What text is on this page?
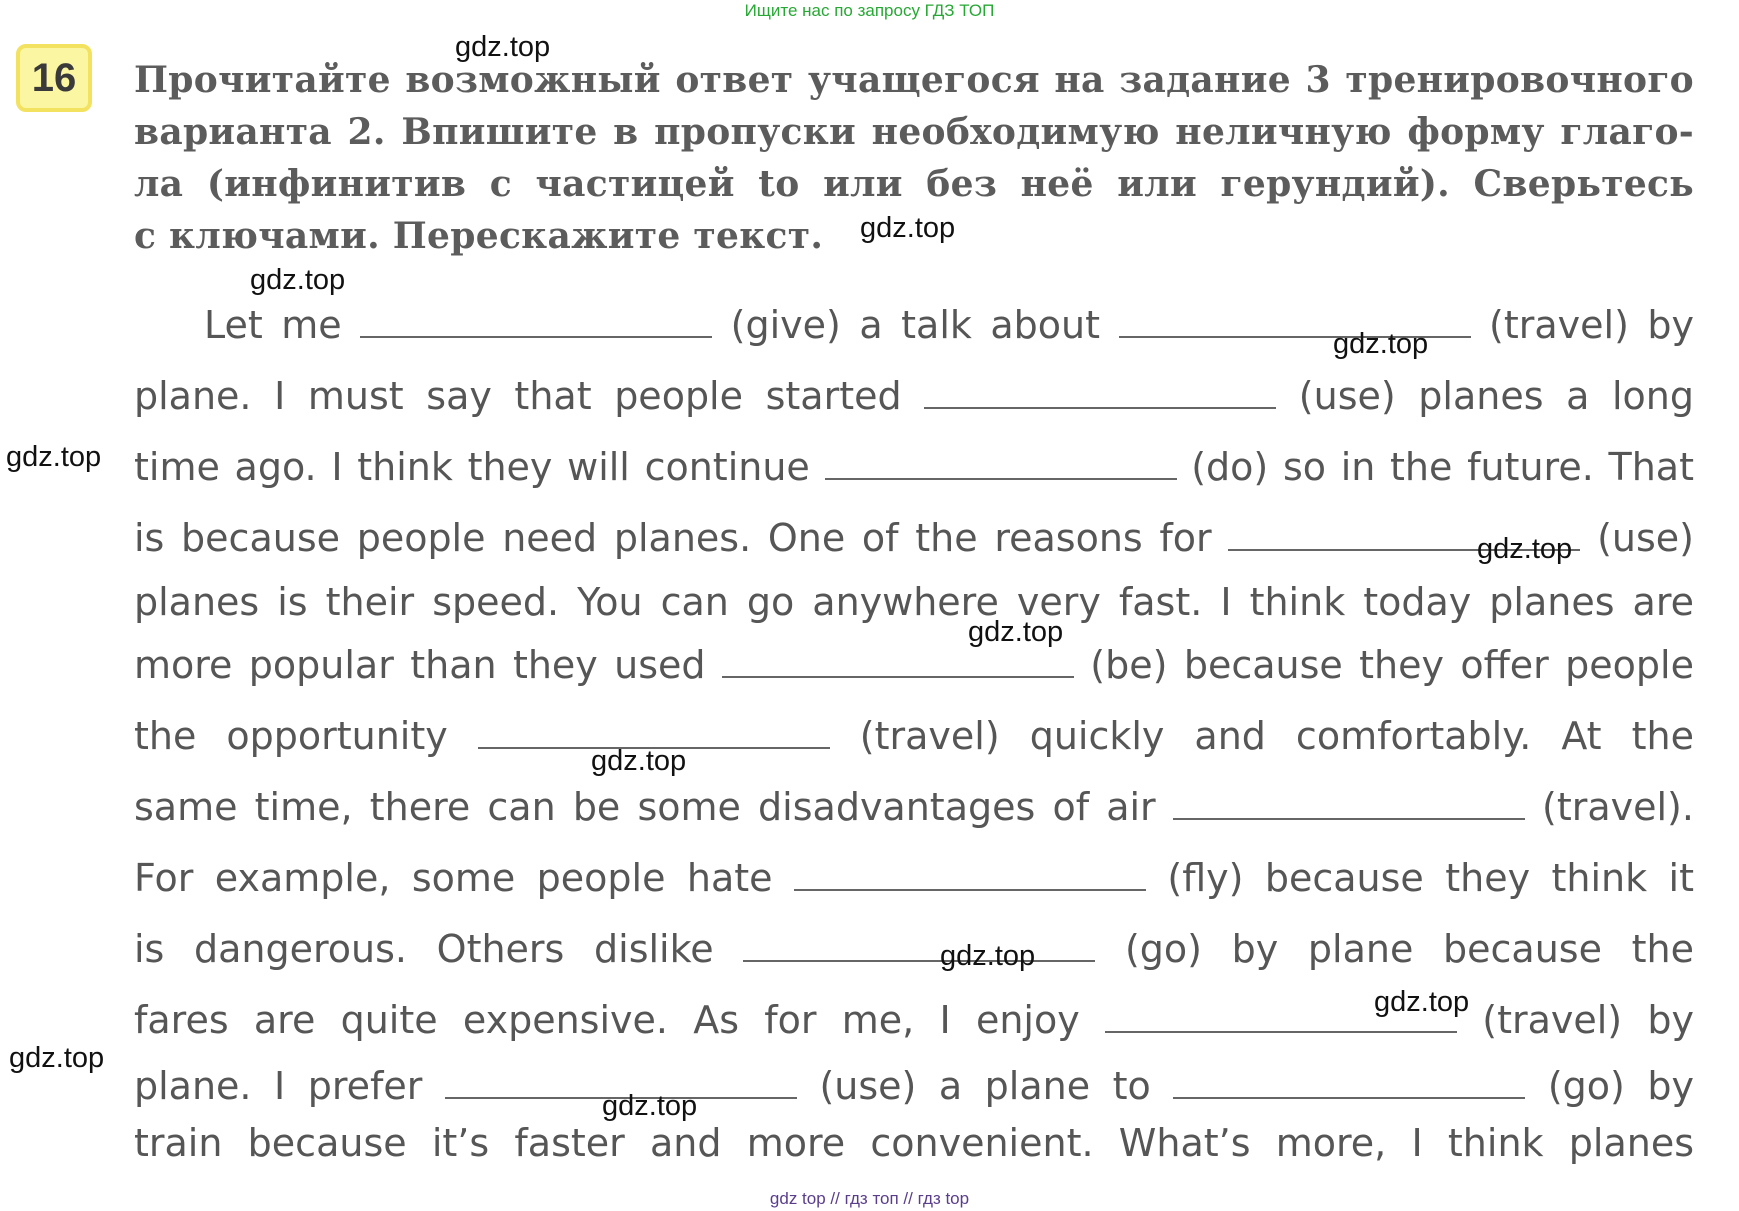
Ищите нас по запросу ГДЗ ТОП
16	Прочитайте возможный ответ учащегося на задание 3 тренировочного
варианта 2. Впишите в пропуски необходимую неличную форму глаго-
ла (инфинитив с частицей to или без неё или герундий). Сверьтесь
с ключами. Перескажите текст.
Let me	(give) a talk about	(travel) by
plane. I must say that people started	(use) planes a long
time ago. I think they will continue	(do) so in the future. That
is because people need planes. One of the reasons for	(use)
planes is their speed. You can go anywhere very fast. I think today planes are
more popular than they used	(be) because they offer people
the opportunity	(travel) quickly and comfortably. At the
same time, there can be some disadvantages of air	(travel).
For example, some people hate	(fly) because they think it
is dangerous. Others dislike	(go) by plane because the
fares are quite expensive. As for me, I enjoy	(travel) by
plane. I prefer	(use) a plane to	(go) by
train because it’s faster and more convenient. What’s more, I think planes
gdz.top
gdz.top
gdz.top
gdz.top
gdz.top
gdz.top
gdz.top
gdz.top
gdz.top
gdz.top
gdz.top
gdz.top
gdz top // гдз топ // гдз top
